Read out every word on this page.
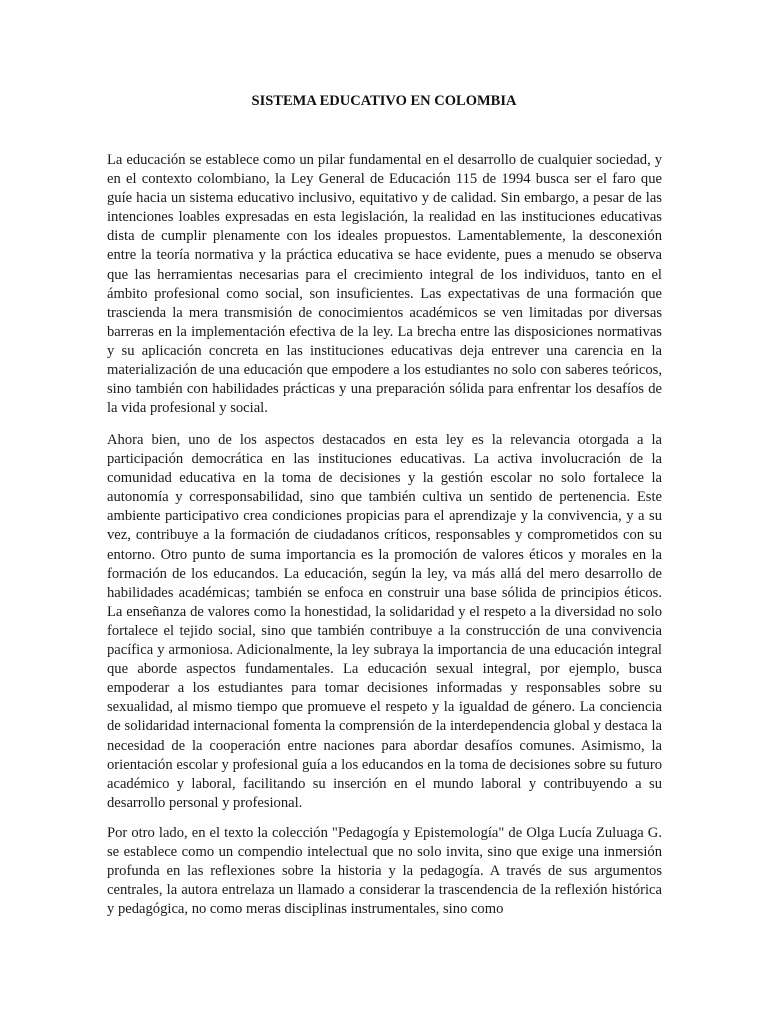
SISTEMA EDUCATIVO EN COLOMBIA

La educación se establece como un pilar fundamental en el desarrollo de cualquier sociedad, y en el contexto colombiano, la Ley General de Educación 115 de 1994 busca ser el faro que guíe hacia un sistema educativo inclusivo, equitativo y de calidad. Sin embargo, a pesar de las intenciones loables expresadas en esta legislación, la realidad en las instituciones educativas dista de cumplir plenamente con los ideales propuestos. Lamentablemente, la desconexión entre la teoría normativa y la práctica educativa se hace evidente, pues a menudo se observa que las herramientas necesarias para el crecimiento integral de los individuos, tanto en el ámbito profesional como social, son insuficientes. Las expectativas de una formación que trascienda la mera transmisión de conocimientos académicos se ven limitadas por diversas barreras en la implementación efectiva de la ley. La brecha entre las disposiciones normativas y su aplicación concreta en las instituciones educativas deja entrever una carencia en la materialización de una educación que empodere a los estudiantes no solo con saberes teóricos, sino también con habilidades prácticas y una preparación sólida para enfrentar los desafíos de la vida profesional y social.

Ahora bien, uno de los aspectos destacados en esta ley es la relevancia otorgada a la participación democrática en las instituciones educativas. La activa involucración de la comunidad educativa en la toma de decisiones y la gestión escolar no solo fortalece la autonomía y corresponsabilidad, sino que también cultiva un sentido de pertenencia. Este ambiente participativo crea condiciones propicias para el aprendizaje y la convivencia, y a su vez, contribuye a la formación de ciudadanos críticos, responsables y comprometidos con su entorno. Otro punto de suma importancia es la promoción de valores éticos y morales en la formación de los educandos. La educación, según la ley, va más allá del mero desarrollo de habilidades académicas; también se enfoca en construir una base sólida de principios éticos. La enseñanza de valores como la honestidad, la solidaridad y el respeto a la diversidad no solo fortalece el tejido social, sino que también contribuye a la construcción de una convivencia pacífica y armoniosa. Adicionalmente, la ley subraya la importancia de una educación integral que aborde aspectos fundamentales. La educación sexual integral, por ejemplo, busca empoderar a los estudiantes para tomar decisiones informadas y responsables sobre su sexualidad, al mismo tiempo que promueve el respeto y la igualdad de género. La conciencia de solidaridad internacional fomenta la comprensión de la interdependencia global y destaca la necesidad de la cooperación entre naciones para abordar desafíos comunes. Asimismo, la orientación escolar y profesional guía a los educandos en la toma de decisiones sobre su futuro académico y laboral, facilitando su inserción en el mundo laboral y contribuyendo a su desarrollo personal y profesional.

Por otro lado, en el texto la colección "Pedagogía y Epistemología" de Olga Lucía Zuluaga G. se establece como un compendio intelectual que no solo invita, sino que exige una inmersión profunda en las reflexiones sobre la historia y la pedagogía. A través de sus argumentos centrales, la autora entrelaza un llamado a considerar la trascendencia de la reflexión histórica y pedagógica, no como meras disciplinas instrumentales, sino como
